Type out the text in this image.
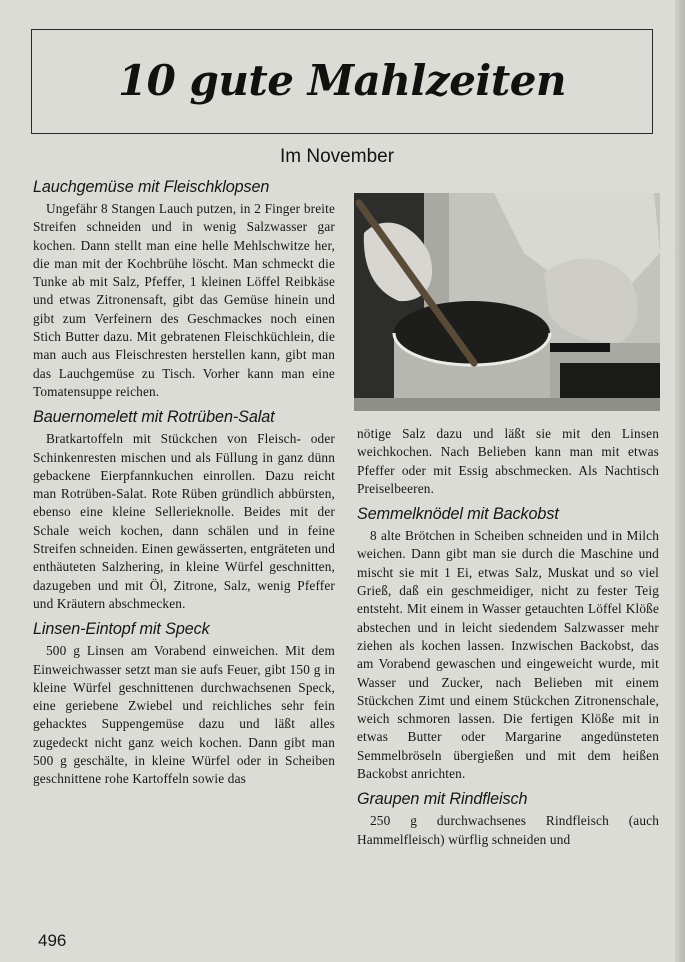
10 gute Mahlzeiten
Im November
Lauchgemüse mit Fleischklopsen

Ungefähr 8 Stangen Lauch putzen, in 2 Finger breite Streifen schneiden und in wenig Salzwasser gar kochen. Dann stellt man eine helle Mehlschwitze her, die man mit der Kochbrühe löscht. Man schmeckt die Tunke ab mit Salz, Pfeffer, 1 kleinen Löffel Reibkäse und etwas Zitronensaft, gibt das Gemüse hinein und gibt zum Verfeinern des Geschmackes noch einen Stich Butter dazu. Mit gebratenen Fleischküchlein, die man auch aus Fleischresten herstellen kann, gibt man das Lauchgemüse zu Tisch. Vorher kann man eine Tomatensuppe reichen.

Bauernomelett mit Rotrüben-Salat

Bratkartoffeln mit Stückchen von Fleisch- oder Schinkenresten mischen und als Füllung in ganz dünn gebackene Eierpfannkuchen einrollen. Dazu reicht man Rotrüben-Salat. Rote Rüben gründlich abbürsten, ebenso eine kleine Sellerieknolle. Beides mit der Schale weich kochen, dann schälen und in feine Streifen schneiden. Einen gewässerten, entgräteten und enthäuteten Salzhering, in kleine Würfel geschnitten, dazugeben und mit Öl, Zitrone, Salz, wenig Pfeffer und Kräutern abschmecken.

Linsen-Eintopf mit Speck

500 g Linsen am Vorabend einweichen. Mit dem Einweichwasser setzt man sie aufs Feuer, gibt 150 g in kleine Würfel geschnittenen durchwachsenen Speck, eine geriebene Zwiebel und reichliches sehr fein gehacktes Suppengemüse dazu und läßt alles zugedeckt nicht ganz weich kochen. Dann gibt man 500 g geschälte, in kleine Würfel oder in Scheiben geschnittene rohe Kartoffeln sowie das

nötige Salz dazu und läßt sie mit den Linsen weichkochen. Nach Belieben kann man mit etwas Pfeffer oder mit Essig abschmecken. Als Nachtisch Preiselbeeren.

Semmelknödel mit Backobst

8 alte Brötchen in Scheiben schneiden und in Milch weichen. Dann gibt man sie durch die Maschine und mischt sie mit 1 Ei, etwas Salz, Muskat und so viel Grieß, daß ein geschmeidiger, nicht zu fester Teig entsteht. Mit einem in Wasser getauchten Löffel Klöße abstechen und in leicht siedendem Salzwasser mehr ziehen als kochen lassen. Inzwischen Backobst, das am Vorabend gewaschen und eingeweicht wurde, mit Wasser und Zucker, nach Belieben mit einem Stückchen Zimt und einem Stückchen Zitronenschale, weich schmoren lassen. Die fertigen Klöße mit in etwas Butter oder Margarine angedünsteten Semmelbröseln übergießen und mit dem heißen Backobst anrichten.

Graupen mit Rindfleisch

250 g durchwachsenes Rindfleisch (auch Hammelfleisch) würflig schneiden und

496
